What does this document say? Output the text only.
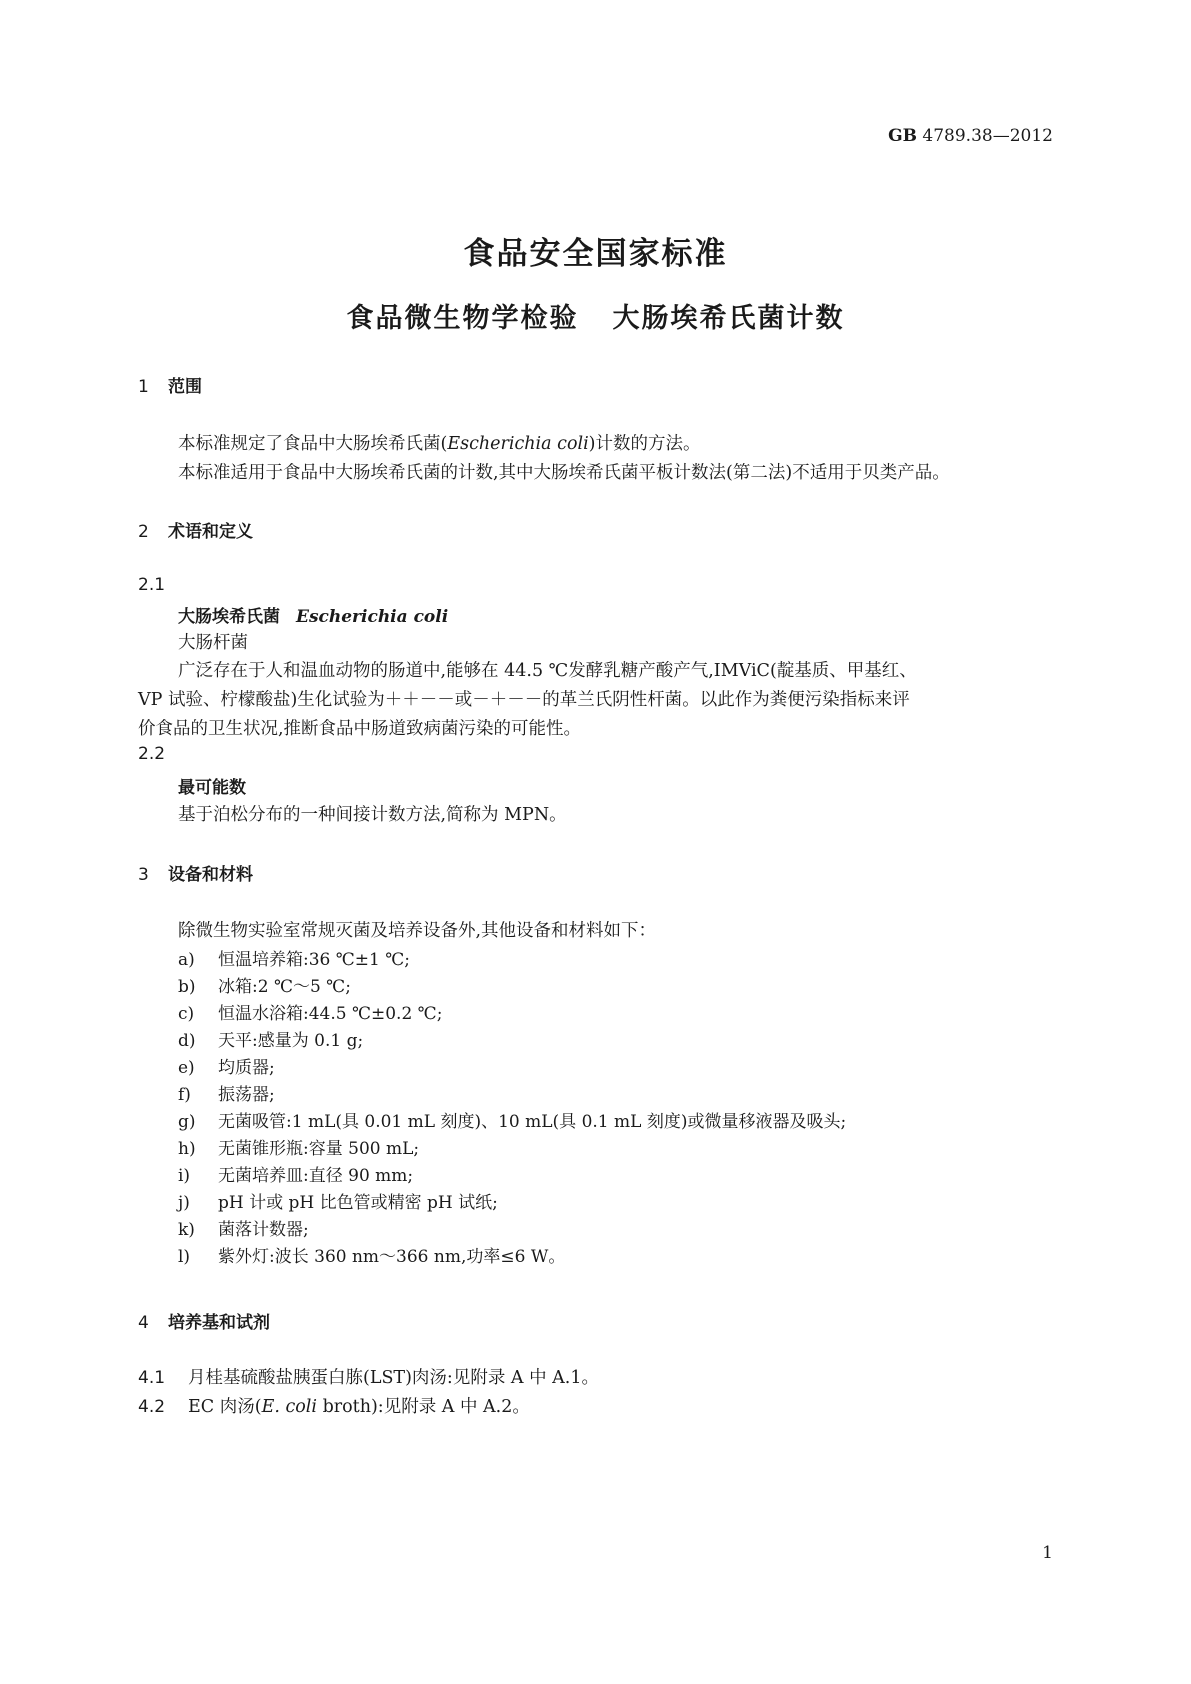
GB 4789.38—2012
食品安全国家标准
食品微生物学检验 大肠埃希氏菌计数
1 范围
本标准规定了食品中大肠埃希氏菌(Escherichia coli)计数的方法。
本标准适用于食品中大肠埃希氏菌的计数,其中大肠埃希氏菌平板计数法(第二法)不适用于贝类产品。
2 术语和定义
2.1
大肠埃希氏菌 Escherichia coli
大肠杆菌
广泛存在于人和温血动物的肠道中,能够在 44.5 ℃发酵乳糖产酸产气,IMViC(靛基质、甲基红、
VP 试验、柠檬酸盐)生化试验为＋＋－－或－＋－－的革兰氏阴性杆菌。以此作为粪便污染指标来评
价食品的卫生状况,推断食品中肠道致病菌污染的可能性。
2.2
最可能数
基于泊松分布的一种间接计数方法,简称为 MPN。
3 设备和材料
除微生物实验室常规灭菌及培养设备外,其他设备和材料如下：
a) 恒温培养箱:36 ℃±1 ℃;
b) 冰箱:2 ℃～5 ℃;
c) 恒温水浴箱:44.5 ℃±0.2 ℃;
d) 天平:感量为 0.1 g;
e) 均质器;
f) 振荡器;
g) 无菌吸管:1 mL(具 0.01 mL 刻度)、10 mL(具 0.1 mL 刻度)或微量移液器及吸头;
h) 无菌锥形瓶:容量 500 mL;
i) 无菌培养皿:直径 90 mm;
j) pH 计或 pH 比色管或精密 pH 试纸;
k) 菌落计数器;
l) 紫外灯:波长 360 nm～366 nm,功率≤6 W。
4 培养基和试剂
4.1 月桂基硫酸盐胰蛋白胨(LST)肉汤:见附录 A 中 A.1。
4.2 EC 肉汤(E. coli broth):见附录 A 中 A.2。
1
